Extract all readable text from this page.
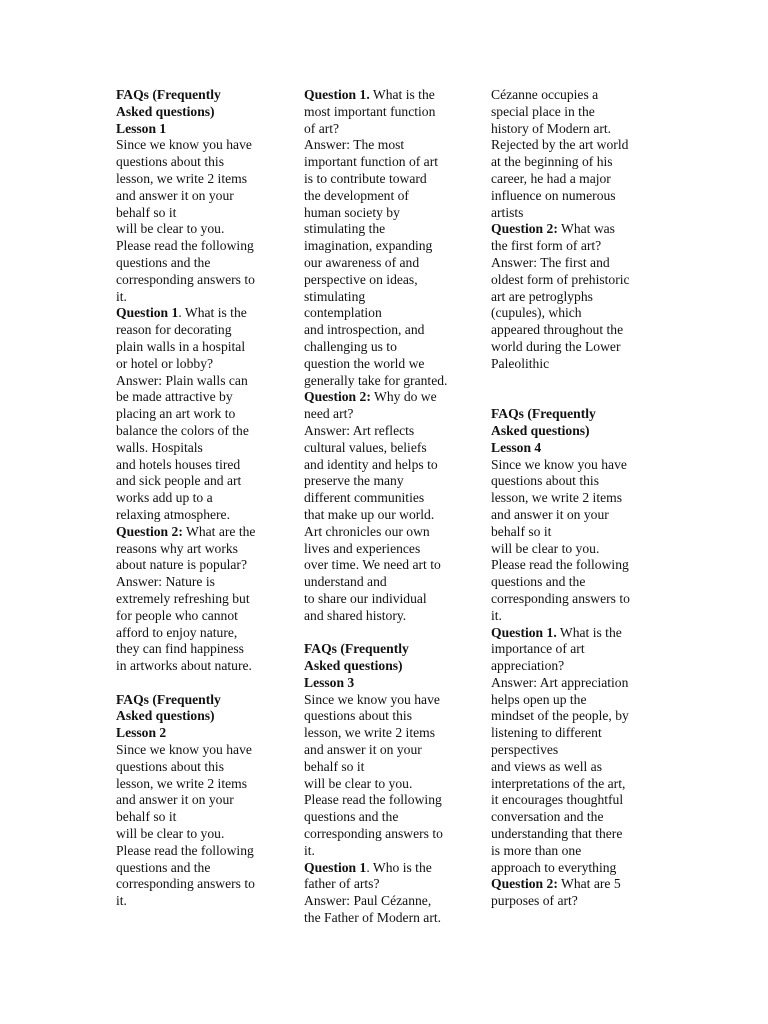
FAQs (Frequently
Asked questions)
Lesson 1
Since we know you have
questions about this
lesson, we write 2 items
and answer it on your
behalf so it
will be clear to you.
Please read the following
questions and the
corresponding answers to
it.
Question 1. What is the
reason for decorating
plain walls in a hospital
or hotel or lobby?
Answer: Plain walls can
be made attractive by
placing an art work to
balance the colors of the
walls. Hospitals
and hotels houses tired
and sick people and art
works add up to a
relaxing atmosphere.
Question 2: What are the
reasons why art works
about nature is popular?
Answer: Nature is
extremely refreshing but
for people who cannot
afford to enjoy nature,
they can find happiness
in artworks about nature.
FAQs (Frequently
Asked questions)
Lesson 2
Since we know you have
questions about this
lesson, we write 2 items
and answer it on your
behalf so it
will be clear to you.
Please read the following
questions and the
corresponding answers to
it.
Question 1. What is the
most important function
of art?
Answer: The most
important function of art
is to contribute toward
the development of
human society by
stimulating the
imagination, expanding
our awareness of and
perspective on ideas,
stimulating
contemplation
and introspection, and
challenging us to
question the world we
generally take for granted.
Question 2: Why do we
need art?
Answer: Art reflects
cultural values, beliefs
and identity and helps to
preserve the many
different communities
that make up our world.
Art chronicles our own
lives and experiences
over time. We need art to
understand and
to share our individual
and shared history.
FAQs (Frequently
Asked questions)
Lesson 3
Since we know you have
questions about this
lesson, we write 2 items
and answer it on your
behalf so it
will be clear to you.
Please read the following
questions and the
corresponding answers to
it.
Question 1. Who is the
father of arts?
Answer: Paul Cézanne,
the Father of Modern art.
Cézanne occupies a
special place in the
history of Modern art.
Rejected by the art world
at the beginning of his
career, he had a major
influence on numerous
artists
Question 2: What was
the first form of art?
Answer: The first and
oldest form of prehistoric
art are petroglyphs
(cupules), which
appeared throughout the
world during the Lower
Paleolithic
FAQs (Frequently
Asked questions)
Lesson 4
Since we know you have
questions about this
lesson, we write 2 items
and answer it on your
behalf so it
will be clear to you.
Please read the following
questions and the
corresponding answers to
it.
Question 1. What is the
importance of art
appreciation?
Answer: Art appreciation
helps open up the
mindset of the people, by
listening to different
perspectives
and views as well as
interpretations of the art,
it encourages thoughtful
conversation and the
understanding that there
is more than one
approach to everything
Question 2: What are 5
purposes of art?
